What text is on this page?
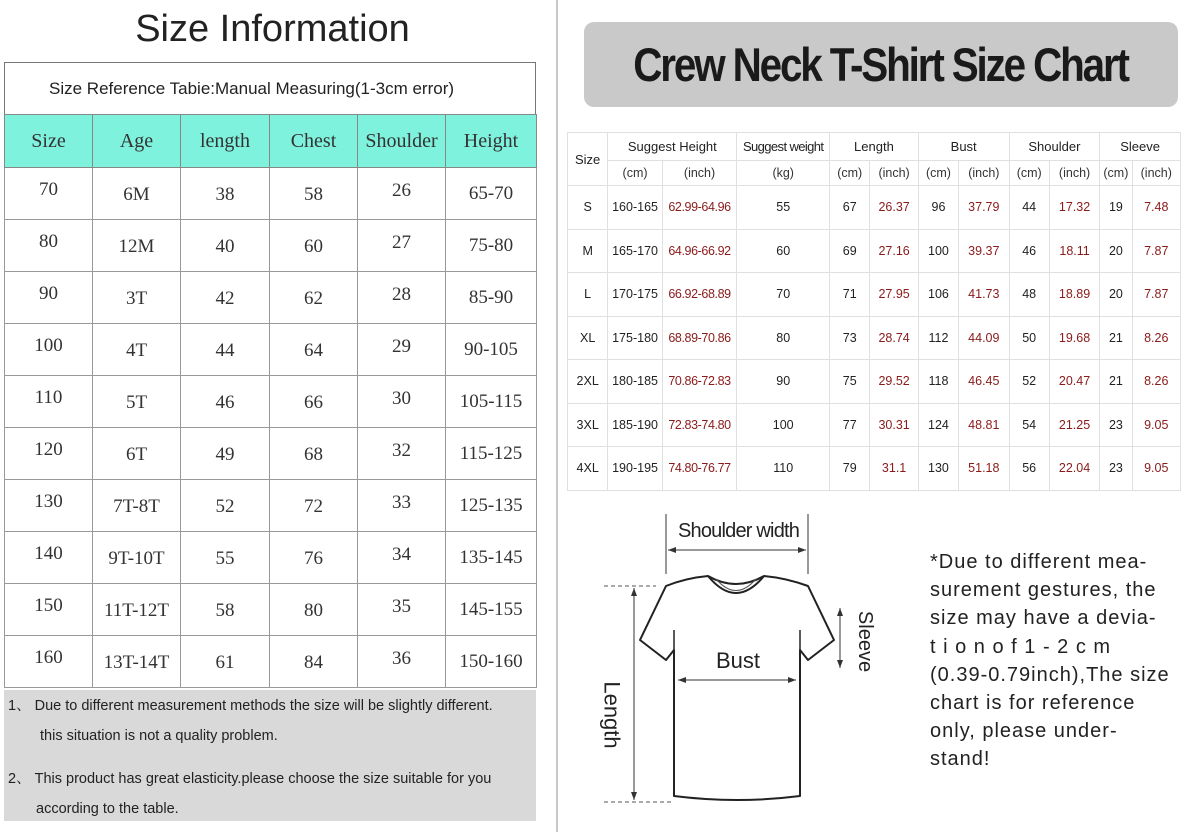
Size Information
Size Reference Tabie:Manual Measuring(1-3cm error)
Size	Age	length	Chest	Shoulder	Height

70	6M	38	58	26	65-70

80	12M	40	60	27	75-80

90	3T	42	62	28	85-90

100	4T	44	64	29	90-105

110	5T	46	66	30	105-115

120	6T	49	68	32	115-125

130	7T-8T	52	72	33	125-135

140	9T-10T	55	76	34	135-145

150	11T-12T	58	80	35	145-155

160	13T-14T	61	84	36	150-160

1、 Due to different measurement methods the size will be slightly different.

this situation is not a quality problem.

2、 This product has great elasticity.please choose the size suitable for you

according to the table.

Crew Neck T-Shirt Size Chart
Size	Suggest Height		Suggest weight	Length		Bust		Shoulder		Sleeve	
	(cm)	(inch)	(kg)	(cm)	(inch)	(cm)	(inch)	(cm)	(inch)	(cm)	(inch)
S	160-165	62.99-64.96	55	67	26.37	96	37.79	44	17.32	19	7.48
M	165-170	64.96-66.92	60	69	27.16	100	39.37	46	18.11	20	7.87
L	170-175	66.92-68.89	70	71	27.95	106	41.73	48	18.89	20	7.87
XL	175-180	68.89-70.86	80	73	28.74	112	44.09	50	19.68	21	8.26
2XL	180-185	70.86-72.83	90	75	29.52	118	46.45	52	20.47	21	8.26
3XL	185-190	72.83-74.80	100	77	30.31	124	48.81	54	21.25	23	9.05
4XL	190-195	74.80-76.77	110	79	31.1	130	51.18	56	22.04	23	9.05
Shoulder width
Bust
Length
Sleeve
*Due to different mea-
surement gestures, the
size may have a devia-
t i o n o f 1 - 2 c m
(0.39-0.79inch),The size
chart is for reference
only, please under-
stand!
